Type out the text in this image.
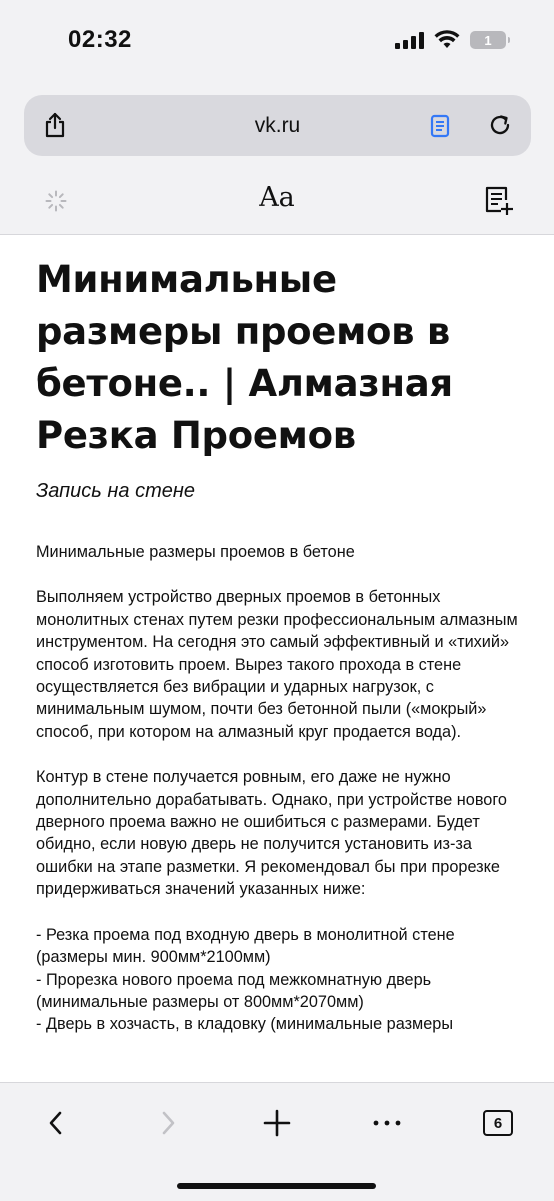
02:32	1
vk.ru
Aa
Минимальные размеры проемов в бетоне.. | Алмазная Резка Проемов

Запись на стене

Минимальные размеры проемов в бетоне

Выполняем устройство дверных проемов в бетонных монолитных стенах путем резки профессиональным алмазным инструментом. На сегодня это самый эффективный и «тихий» способ изготовить проем. Вырез такого прохода в стене осуществляется без вибрации и ударных нагрузок, с минимальным шумом, почти без бетонной пыли («мокрый» способ, при котором на алмазный круг продается вода).

Контур в стене получается ровным, его даже не нужно дополнительно дорабатывать. Однако, при устройстве нового дверного проема важно не ошибиться с размерами. Будет обидно, если новую дверь не получится установить из-за ошибки на этапе разметки. Я рекомендовал бы при прорезке придерживаться значений указанных ниже:

- Резка проема под входную дверь в монолитной стене (размеры мин. 900мм*2100мм)
- Прорезка нового проема под межкомнатную дверь (минимальные размеры от 800мм*2070мм)
- Дверь в хозчасть, в кладовку (минимальные размеры

6
